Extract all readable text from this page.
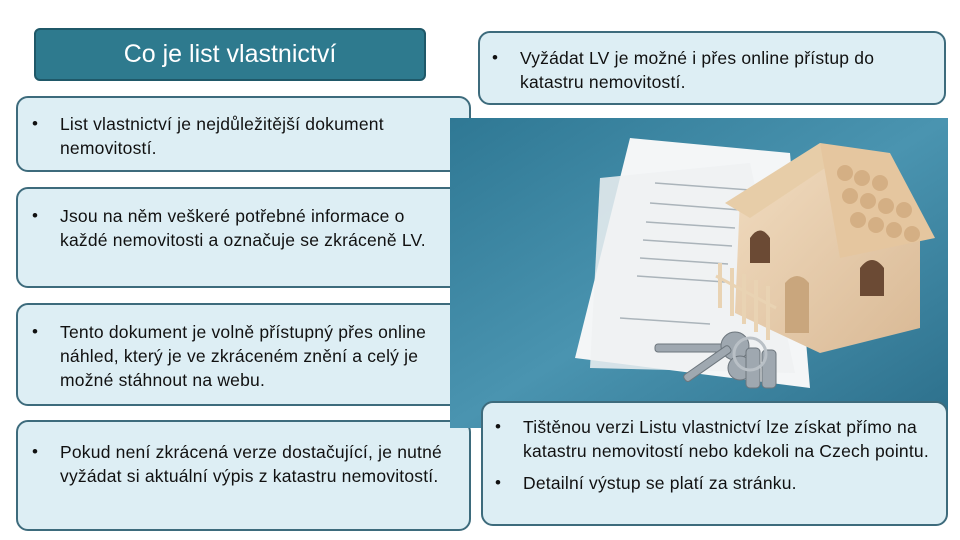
Co je list vlastnictví
• List vlastnictví je nejdůležitější dokument nemovitostí.
• Jsou na něm veškeré potřebné informace o každé nemovitosti a označuje se zkráceně LV.
• Tento dokument je volně přístupný přes online náhled, který je ve zkráceném znění a celý je možné stáhnout na webu.
• Pokud není zkrácená verze dostačující, je nutné vyžádat si aktuální výpis z katastru nemovitostí.
• Vyžádat LV je možné i přes online přístup do katastru nemovitostí.
• Tištěnou verzi Listu vlastnictví lze získat přímo na katastru nemovitostí nebo kdekoli na Czech pointu.
• Detailní výstup se platí za stránku.
